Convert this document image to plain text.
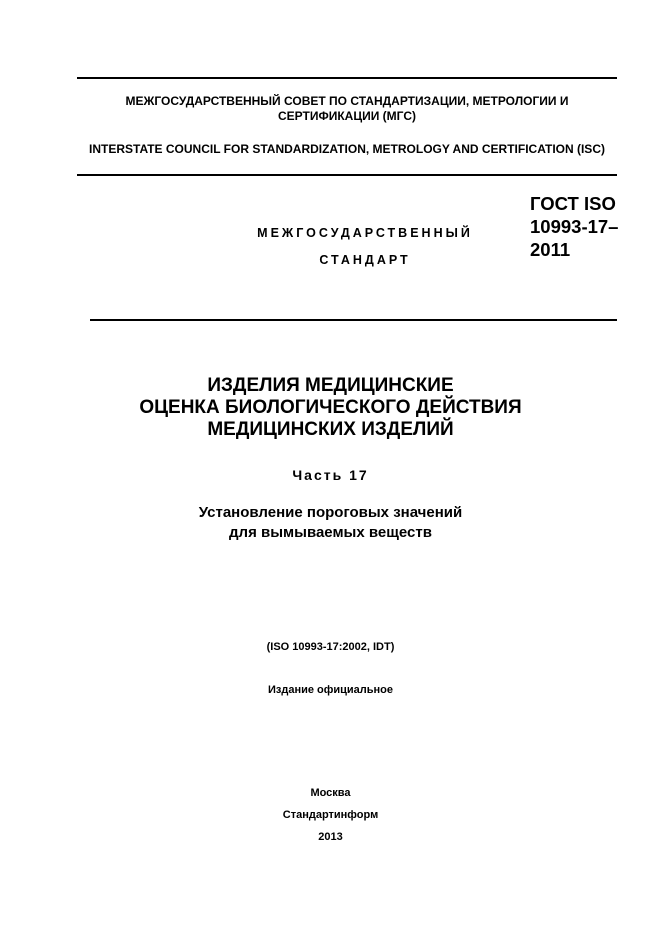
МЕЖГОСУДАРСТВЕННЫЙ СОВЕТ ПО СТАНДАРТИЗАЦИИ, МЕТРОЛОГИИ И СЕРТИФИКАЦИИ (МГС)
INTERSTATE COUNCIL FOR STANDARDIZATION, METROLOGY AND CERTIFICATION (ISC)
МЕЖГОСУДАРСТВЕННЫЙ
СТАНДАРТ
ГОСТ ISO
10993-17–
2011
ИЗДЕЛИЯ МЕДИЦИНСКИЕ
ОЦЕНКА БИОЛОГИЧЕСКОГО ДЕЙСТВИЯ
МЕДИЦИНСКИХ ИЗДЕЛИЙ
Часть 17
Установление пороговых значений
для вымываемых веществ
(ISO 10993-17:2002, IDT)
Издание официальное
Москва
Стандартинформ
2013
